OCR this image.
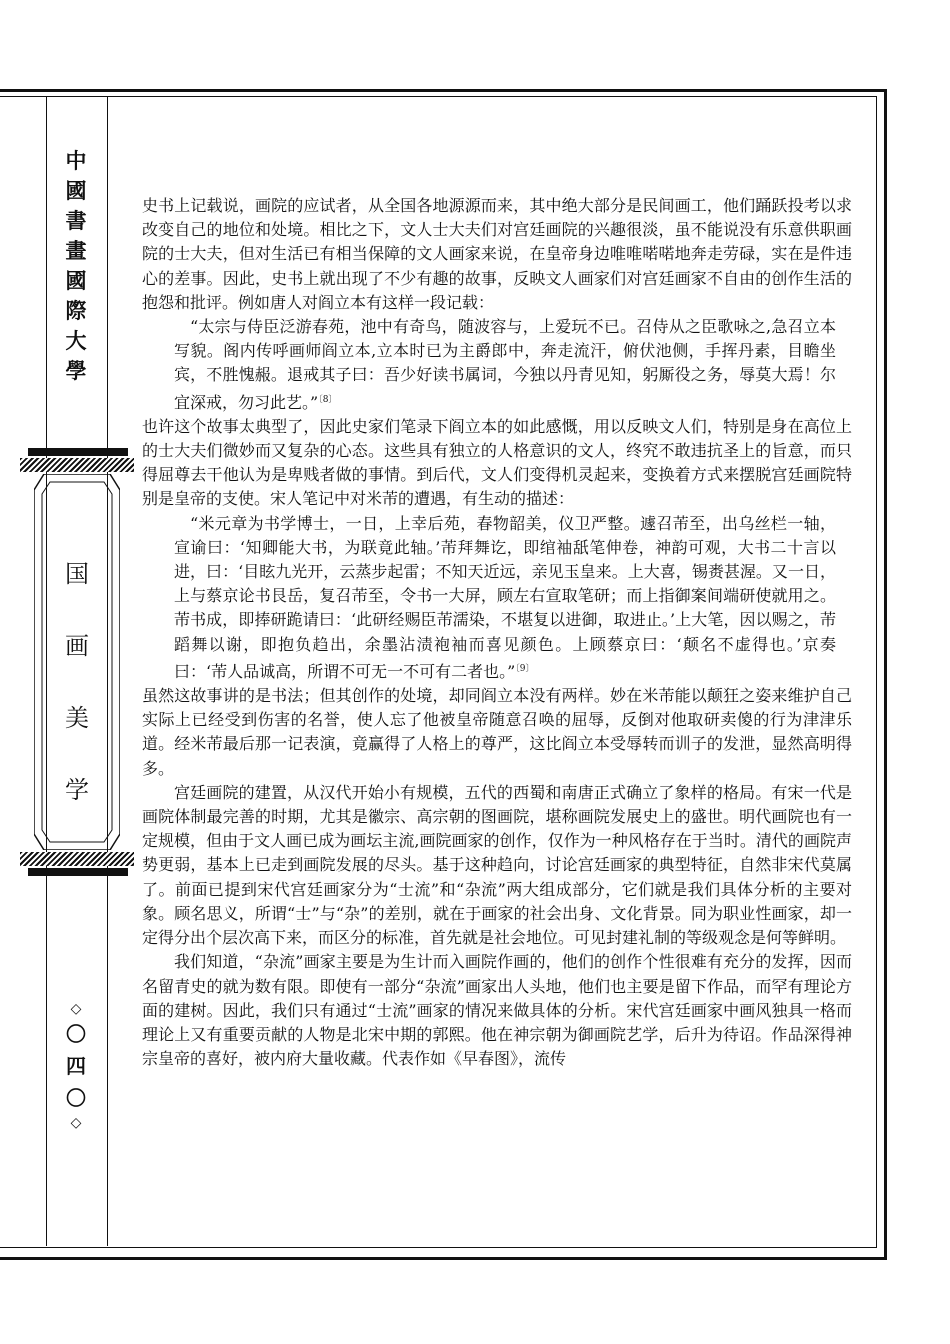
中
國
書
畫
國
際
大
學
国
画
美
学
◇
〇
四
〇
◇

史书上记载说，画院的应试者，从全国各地源源而来，其中绝大部分是民间画工，他们踊跃投考以求改变自己的地位和处境。相比之下，文人士大夫们对宫廷画院的兴趣很淡，虽不能说没有乐意供职画院的士大夫，但对生活已有相当保障的文人画家来说，在皇帝身边唯唯喏喏地奔走劳碌，实在是件违心的差事。因此，史书上就出现了不少有趣的故事，反映文人画家们对宫廷画家不自由的创作生活的抱怨和批评。例如唐人对阎立本有这样一段记载：

“太宗与侍臣泛游春苑，池中有奇鸟，随波容与，上爱玩不已。召侍从之臣歌咏之,急召立本写貌。阁内传呼画师阎立本,立本时已为主爵郎中，奔走流汗，俯伏池侧，手挥丹素，目瞻坐宾，不胜愧赧。退戒其子曰：吾少好读书属词，今独以丹青见知，躬厮役之务，辱莫大焉！尔宜深戒，勿习此艺。”$^{〔8〕}$

也许这个故事太典型了，因此史家们笔录下阎立本的如此感慨，用以反映文人们，特别是身在高位上的士大夫们微妙而又复杂的心态。这些具有独立的人格意识的文人，终究不敢违抗圣上的旨意，而只得屈尊去干他认为是卑贱者做的事情。到后代，文人们变得机灵起来，变换着方式来摆脱宫廷画院特别是皇帝的支使。宋人笔记中对米芾的遭遇，有生动的描述：

“米元章为书学博士，一日，上幸后苑，春物韶美，仪卫严整。遽召芾至，出乌丝栏一轴，宣谕曰：‘知卿能大书，为联竟此轴。’芾拜舞讫，即绾袖舐笔伸卷，神韵可观，大书二十言以进，曰：‘目眩九光开，云蒸步起雷；不知天近远，亲见玉皇来。上大喜，锡赉甚渥。又一日，上与蔡京论书艮岳，复召芾至，令书一大屏，顾左右宣取笔研；而上指御案间端研使就用之。芾书成，即捧研跪请曰：‘此研经赐臣芾濡染，不堪复以进御，取进止。’上大笔，因以赐之，芾蹈舞以谢，即抱负趋出，余墨沾渍袍袖而喜见颜色。上顾蔡京曰：‘颠名不虚得也。’京奏曰：‘芾人品诚高，所谓不可无一不可有二者也。”$^{〔9〕}$

虽然这故事讲的是书法；但其创作的处境，却同阎立本没有两样。妙在米芾能以颠狂之姿来维护自己实际上已经受到伤害的名誉，使人忘了他被皇帝随意召唤的屈辱，反倒对他取研卖傻的行为津津乐道。经米芾最后那一记表演，竟赢得了人格上的尊严，这比阎立本受辱转而训子的发泄，显然高明得多。

宫廷画院的建置，从汉代开始小有规模，五代的西蜀和南唐正式确立了象样的格局。有宋一代是画院体制最完善的时期，尤其是徽宗、高宗朝的图画院，堪称画院发展史上的盛世。明代画院也有一定规模，但由于文人画已成为画坛主流,画院画家的创作，仅作为一种风格存在于当时。清代的画院声势更弱，基本上已走到画院发展的尽头。基于这种趋向，讨论宫廷画家的典型特征，自然非宋代莫属了。前面已提到宋代宫廷画家分为“士流”和“杂流”两大组成部分，它们就是我们具体分析的主要对象。顾名思义，所谓“士”与“杂”的差别，就在于画家的社会出身、文化背景。同为职业性画家，却一定得分出个层次高下来，而区分的标准，首先就是社会地位。可见封建礼制的等级观念是何等鲜明。

我们知道，“杂流”画家主要是为生计而入画院作画的，他们的创作个性很难有充分的发挥，因而名留青史的就为数有限。即使有一部分“杂流”画家出人头地，他们也主要是留下作品，而罕有理论方面的建树。因此，我们只有通过“士流”画家的情况来做具体的分析。宋代宫廷画家中画风独具一格而理论上又有重要贡献的人物是北宋中期的郭熙。他在神宗朝为御画院艺学，后升为待诏。作品深得神宗皇帝的喜好，被内府大量收藏。代表作如《早春图》，流传
